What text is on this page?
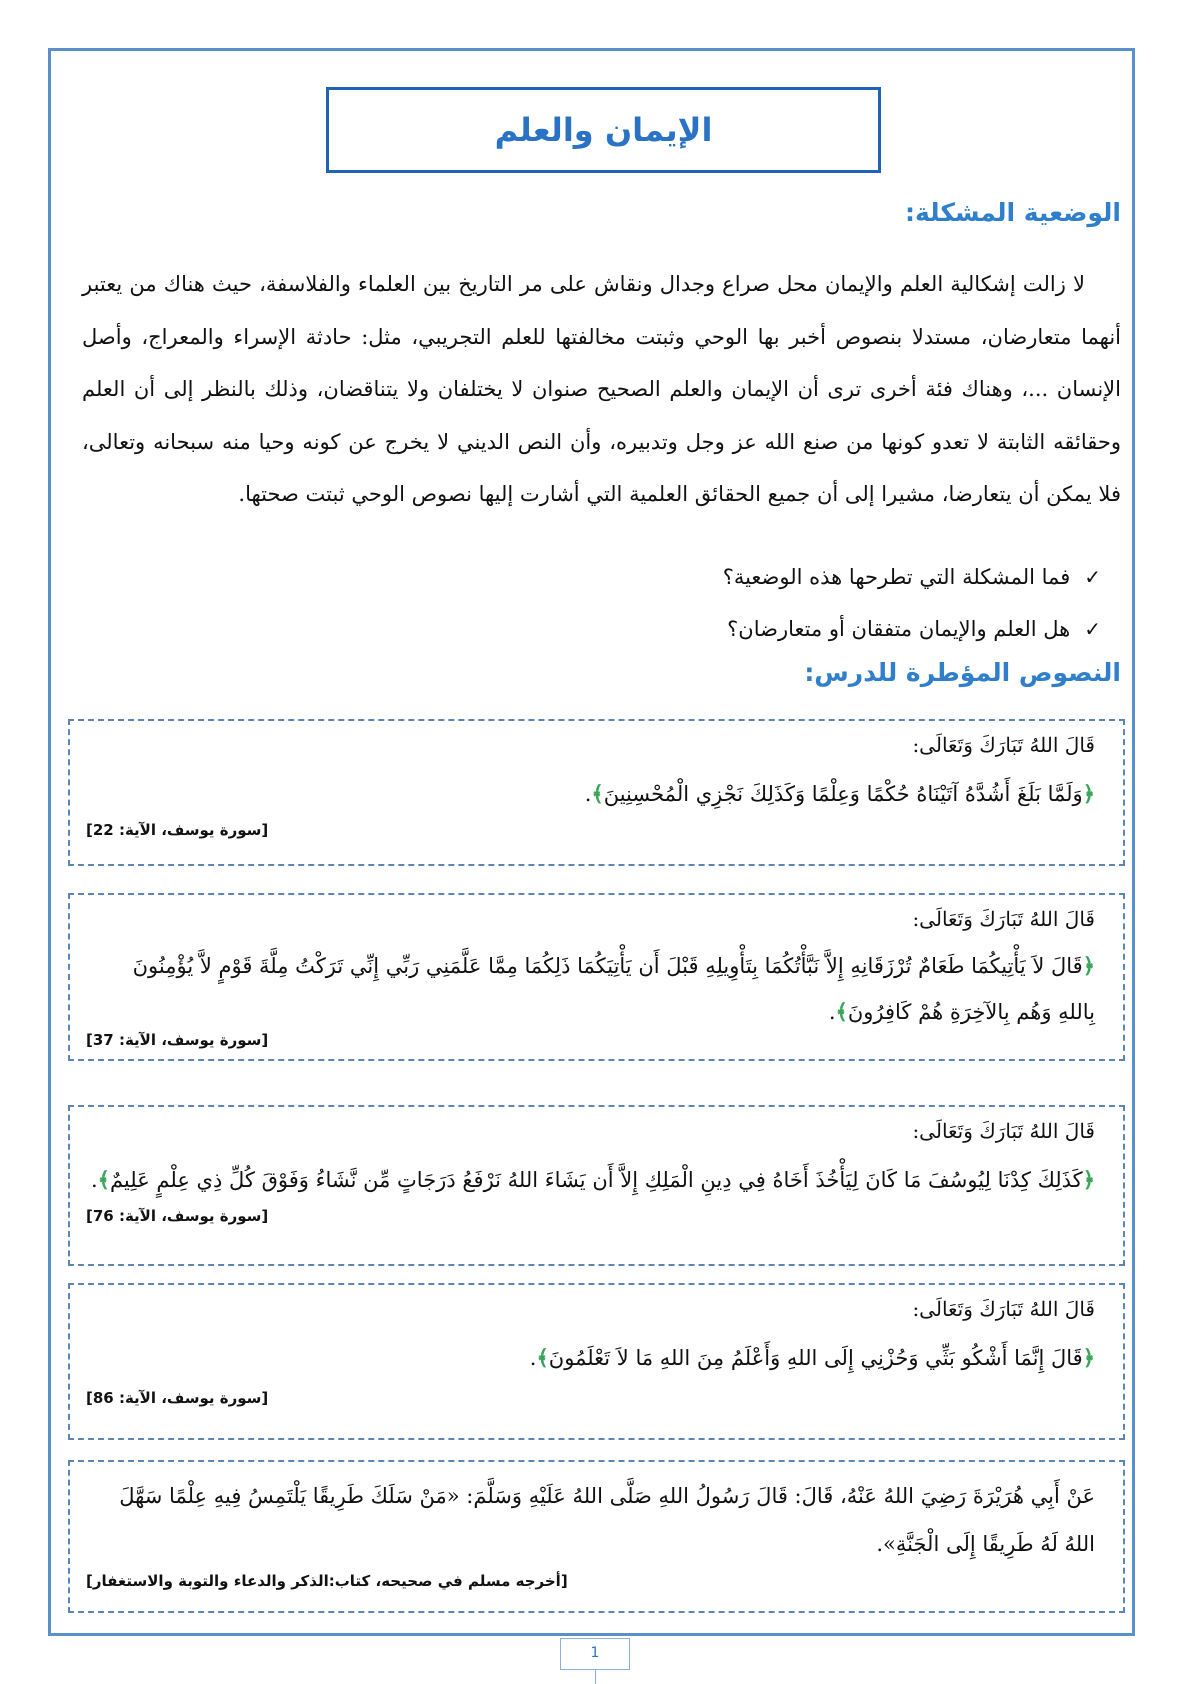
الإيمان والعلم
الوضعية المشكلة:

لا زالت إشكالية العلم والإيمان محل صراع وجدال ونقاش على مر التاريخ بين العلماء والفلاسفة، حيث هناك من يعتبر أنهما متعارضان، مستدلا بنصوص أخبر بها الوحي وثبتت مخالفتها للعلم التجريبي، مثل: حادثة الإسراء والمعراج، وأصل الإنسان ...، وهناك فئة أخرى ترى أن الإيمان والعلم الصحيح صنوان لا يختلفان ولا يتناقضان، وذلك بالنظر إلى أن العلم وحقائقه الثابتة لا تعدو كونها من صنع الله عز وجل وتدبيره، وأن النص الديني لا يخرج عن كونه وحيا منه سبحانه وتعالى، فلا يمكن أن يتعارضا، مشيرا إلى أن جميع الحقائق العلمية التي أشارت إليها نصوص الوحي ثبتت صحتها.

✓
فما المشكلة التي تطرحها هذه الوضعية؟
✓
هل العلم والإيمان متفقان أو متعارضان؟
النصوص المؤطرة للدرس:
قَالَ اللهُ تَبَارَكَ وَتَعَالَى:
﴿وَلَمَّا بَلَغَ أَشُدَّهُ آتَيْنَاهُ حُكْمًا وَعِلْمًا وَكَذَلِكَ نَجْزِي الْمُحْسِنِينَ﴾.
[سورة يوسف، الآية: 22]
قَالَ اللهُ تَبَارَكَ وَتَعَالَى:
﴿قَالَ لاَ يَأْتِيكُمَا طَعَامٌ تُرْزَقَانِهِ إِلاَّ نَبَّأْتُكُمَا بِتَأْوِيلِهِ قَبْلَ أَن يَأْتِيَكُمَا ذَلِكُمَا مِمَّا عَلَّمَنِي رَبِّي إِنِّي تَرَكْتُ مِلَّةَ قَوْمٍ لاَّ يُؤْمِنُونَ بِاللهِ وَهُم بِالآخِرَةِ هُمْ كَافِرُونَ﴾.
[سورة يوسف، الآية: 37]
قَالَ اللهُ تَبَارَكَ وَتَعَالَى:
﴿كَذَلِكَ كِدْنَا لِيُوسُفَ مَا كَانَ لِيَأْخُذَ أَخَاهُ فِي دِينِ الْمَلِكِ إِلاَّ أَن يَشَاءَ اللهُ نَرْفَعُ دَرَجَاتٍ مِّن نَّشَاءُ وَفَوْقَ كُلِّ ذِي عِلْمٍ عَلِيمٌ﴾.
[سورة يوسف، الآية: 76]
قَالَ اللهُ تَبَارَكَ وَتَعَالَى:
﴿قَالَ إِنَّمَا أَشْكُو بَثِّي وَحُزْنِي إِلَى اللهِ وَأَعْلَمُ مِنَ اللهِ مَا لاَ تَعْلَمُونَ﴾.
[سورة يوسف، الآية: 86]
عَنْ أَبِي هُرَيْرَةَ رَضِيَ اللهُ عَنْهُ، قَالَ: قَالَ رَسُولُ اللهِ صَلَّى اللهُ عَلَيْهِ وَسَلَّمَ: «مَنْ سَلَكَ طَرِيقًا يَلْتَمِسُ فِيهِ عِلْمًا سَهَّلَ اللهُ لَهُ طَرِيقًا إِلَى الْجَنَّةِ».
[أخرجه مسلم في صحيحه، كتاب:الذكر والدعاء والتوبة والاستغفار]
1
